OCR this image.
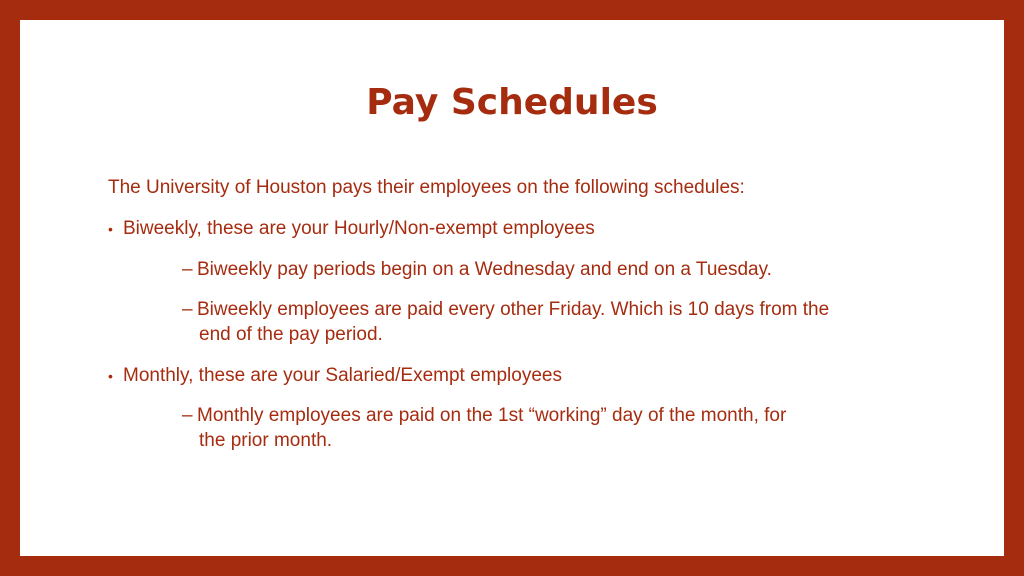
Pay Schedules
The University of Houston pays their employees on the following schedules:
• Biweekly, these are your Hourly/Non-exempt employees
– Biweekly pay periods begin on a Wednesday and end on a Tuesday.
– Biweekly employees are paid every other Friday. Which is 10 days from the
end of the pay period.
• Monthly, these are your Salaried/Exempt employees
– Monthly employees are paid on the 1st “working” day of the month, for
the prior month.
